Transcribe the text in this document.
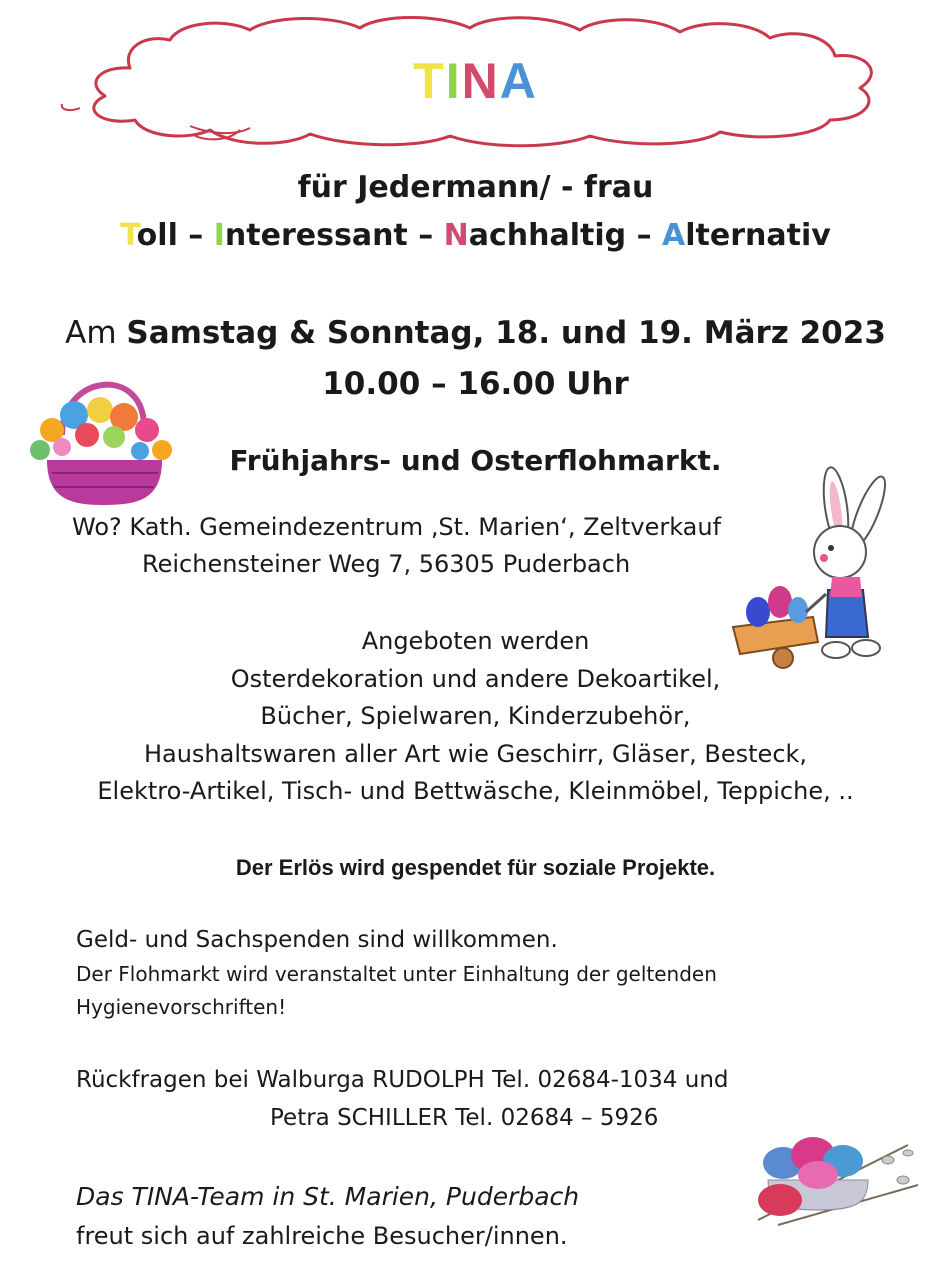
TINA
für Jedermann/ - frau
Toll – Interessant – Nachhaltig – Alternativ
Am Samstag & Sonntag, 18. und 19. März 2023
10.00 – 16.00 Uhr
Frühjahrs- und Osterflohmarkt.
Wo? Kath. Gemeindezentrum ‚St. Marien‘, Zeltverkauf
Reichensteiner Weg 7, 56305 Puderbach
Angeboten werden
Osterdekoration und andere Dekoartikel,
Bücher, Spielwaren, Kinderzubehör,
Haushaltswaren aller Art wie Geschirr, Gläser, Besteck,
Elektro-Artikel, Tisch- und Bettwäsche, Kleinmöbel, Teppiche, ..
Der Erlös wird gespendet für soziale Projekte.
Geld- und Sachspenden sind willkommen.
Der Flohmarkt wird veranstaltet unter Einhaltung der geltenden
Hygienevorschriften!
Rückfragen bei Walburga RUDOLPH Tel. 02684-1034 und
Petra SCHILLER Tel. 02684 – 5926
Das TINA-Team in St. Marien, Puderbach
freut sich auf zahlreiche Besucher/innen.
